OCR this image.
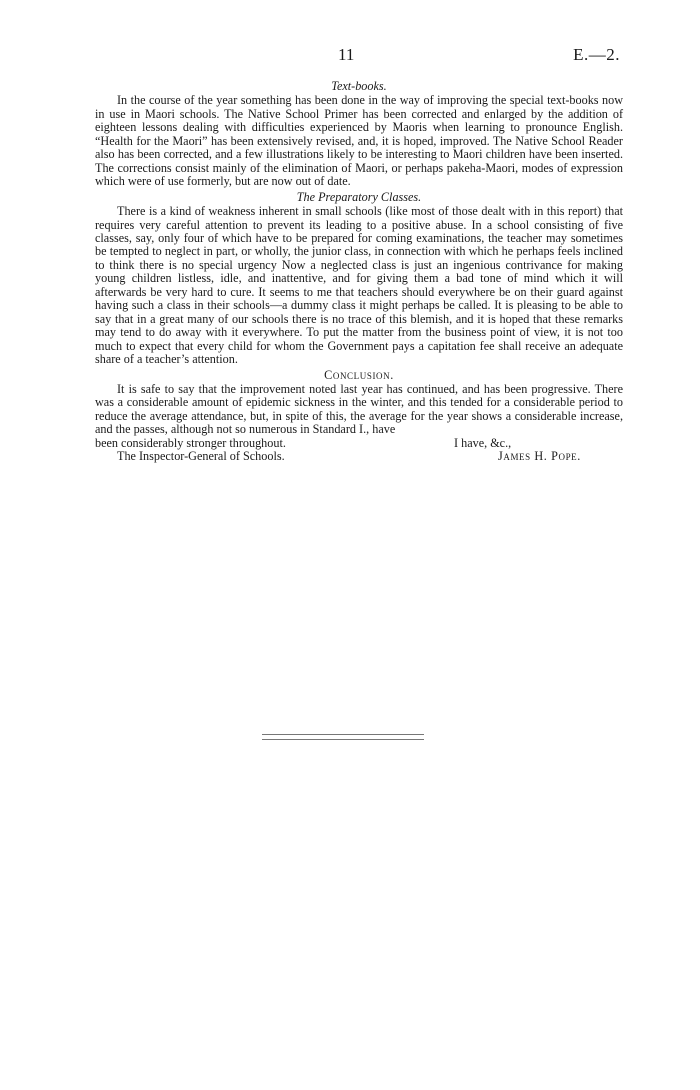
11	E.—2.
Text-books.

In the course of the year something has been done in the way of improving the special text-books now in use in Maori schools. The Native School Primer has been corrected and enlarged by the addition of eighteen lessons dealing with difficulties experienced by Maoris when learning to pronounce English. “Health for the Maori” has been extensively revised, and, it is hoped, improved. The Native School Reader also has been corrected, and a few illustrations likely to be interesting to Maori children have been inserted. The corrections consist mainly of the elimination of Maori, or perhaps pakeha-Maori, modes of expression which were of use formerly, but are now out of date.

The Preparatory Classes.

There is a kind of weakness inherent in small schools (like most of those dealt with in this report) that requires very careful attention to prevent its leading to a positive abuse. In a school consisting of five classes, say, only four of which have to be prepared for coming examinations, the teacher may sometimes be tempted to neglect in part, or wholly, the junior class, in connection with which he perhaps feels inclined to think there is no special urgency Now a neglected class is just an ingenious contrivance for making young children listless, idle, and inattentive, and for giving them a bad tone of mind which it will afterwards be very hard to cure. It seems to me that teachers should everywhere be on their guard against having such a class in their schools—a dummy class it might perhaps be called. It is pleasing to be able to say that in a great many of our schools there is no trace of this blemish, and it is hoped that these remarks may tend to do away with it everywhere. To put the matter from the business point of view, it is not too much to expect that every child for whom the Government pays a capitation fee shall receive an adequate share of a teacher’s attention.

Conclusion.

It is safe to say that the improvement noted last year has continued, and has been progressive. There was a considerable amount of epidemic sickness in the winter, and this tended for a considerable period to reduce the average attendance, but, in spite of this, the average for the year shows a considerable increase, and the passes, although not so numerous in Standard I., have

been considerably stronger throughout.	I have, &c.,
The Inspector-General of Schools.	James H. Pope.
